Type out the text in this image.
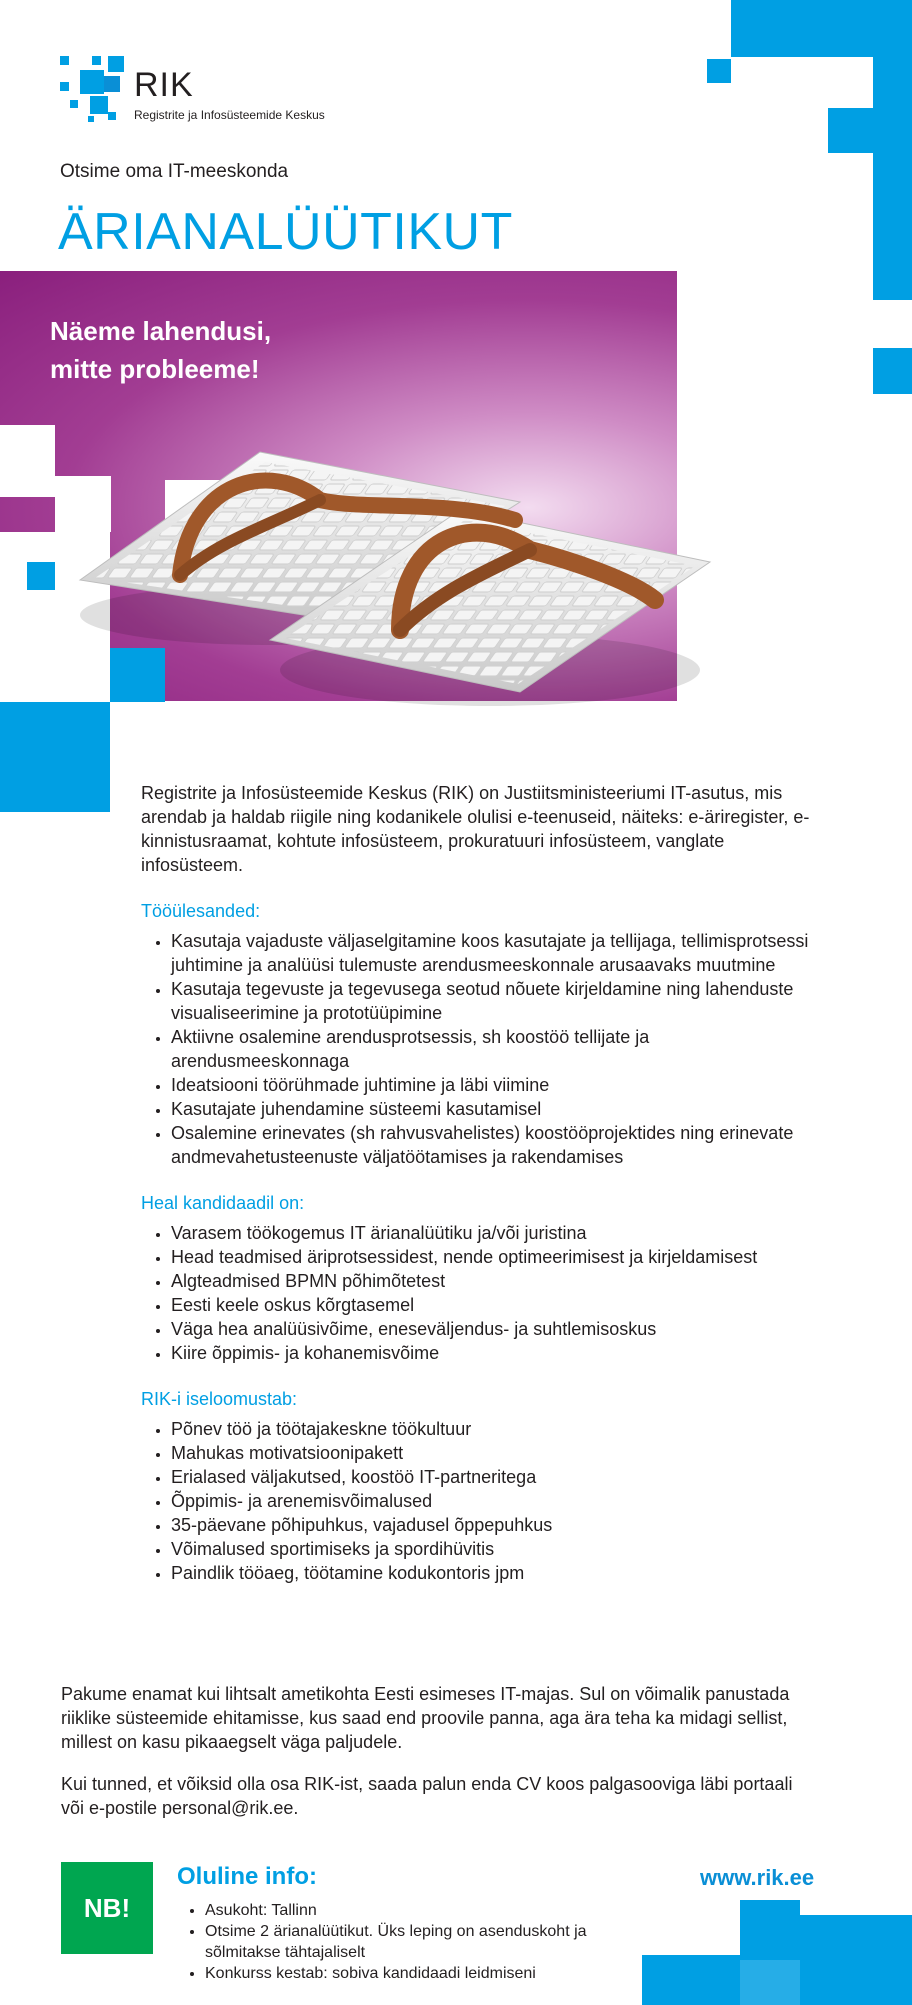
RIK
Registrite ja Infosüsteemide Keskus
Otsime oma IT-meeskonda
ÄRIANALÜÜTIKUT
Näeme lahendusi,
mitte probleeme!

Registrite ja Infosüsteemide Keskus (RIK) on Justiitsministeeriumi IT-asutus, mis arendab ja haldab riigile ning kodanikele olulisi e-teenuseid, näiteks: e-äriregister, e-kinnistusraamat, kohtute infosüsteem, prokuratuuri infosüsteem, vanglate infosüsteem.

Tööülesanded:
• Kasutaja vajaduste väljaselgitamine koos kasutajate ja tellijaga, tellimisprotsessi juhtimine ja analüüsi tulemuste arendusmeeskonnale arusaavaks muutmine
• Kasutaja tegevuste ja tegevusega seotud nõuete kirjeldamine ning lahenduste visualiseerimine ja prototüüpimine
• Aktiivne osalemine arendusprotsessis, sh koostöö tellijate ja arendusmeeskonnaga
• Ideatsiooni töörühmade juhtimine ja läbi viimine
• Kasutajate juhendamine süsteemi kasutamisel
• Osalemine erinevates (sh rahvusvahelistes) koostööprojektides ning erinevate andmevahetusteenuste väljatöötamises ja rakendamises
Heal kandidaadil on:
• Varasem töökogemus IT ärianalüütiku ja/või juristina
• Head teadmised äriprotsessidest, nende optimeerimisest ja kirjeldamisest
• Algteadmised BPMN põhimõtetest
• Eesti keele oskus kõrgtasemel
• Väga hea analüüsivõime, eneseväljendus- ja suhtlemisoskus
• Kiire õppimis- ja kohanemisvõime
RIK-i iseloomustab:
• Põnev töö ja töötajakeskne töökultuur
• Mahukas motivatsioonipakett
• Erialased väljakutsed, koostöö IT-partneritega
• Õppimis- ja arenemisvõimalused
• 35-päevane põhipuhkus, vajadusel õppepuhkus
• Võimalused sportimiseks ja spordihüvitis
• Paindlik tööaeg, töötamine kodukontoris jpm

Pakume enamat kui lihtsalt ametikohta Eesti esimeses IT-majas. Sul on võimalik panustada riiklike süsteemide ehitamisse, kus saad end proovile panna, aga ära teha ka midagi sellist, millest on kasu pikaaegselt väga paljudele.

Kui tunned, et võiksid olla osa RIK-ist, saada palun enda CV koos palgasooviga läbi portaali või e-postile personal@rik.ee.

NB!
Oluline info:
• Asukoht: Tallinn
• Otsime 2 ärianalüütikut. Üks leping on asenduskoht ja sõlmitakse tähtajaliselt
• Konkurss kestab: sobiva kandidaadi leidmiseni
www.rik.ee
